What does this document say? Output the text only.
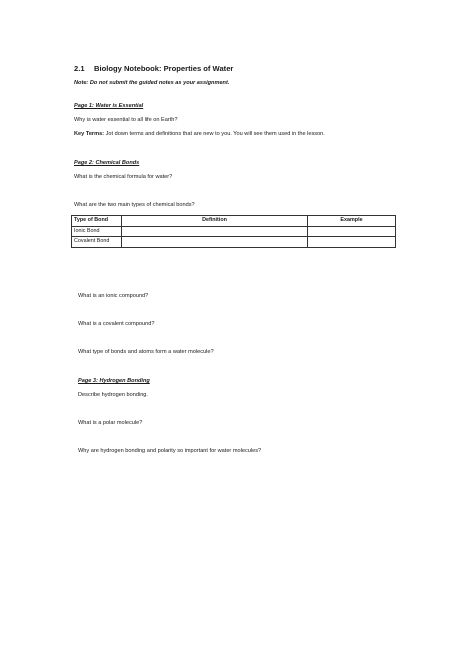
2.1 Biology Notebook: Properties of Water
Note: Do not submit the guided notes as your assignment.
Page 1: Water is Essential
Why is water essential to all life on Earth?
Key Terms: Jot down terms and definitions that are new to you. You will see them used in the lesson.
Page 2: Chemical Bonds
What is the chemical formula for water?
What are the two main types of chemical bonds?
Type of Bond	Definition	Example
Ionic Bond		
Covalent Bond		
What is an ionic compound?
What is a covalent compound?
What type of bonds and atoms form a water molecule?
Page 3: Hydrogen Bonding
Describe hydrogen bonding.
What is a polar molecule?
Why are hydrogen bonding and polarity so important for water molecules?
